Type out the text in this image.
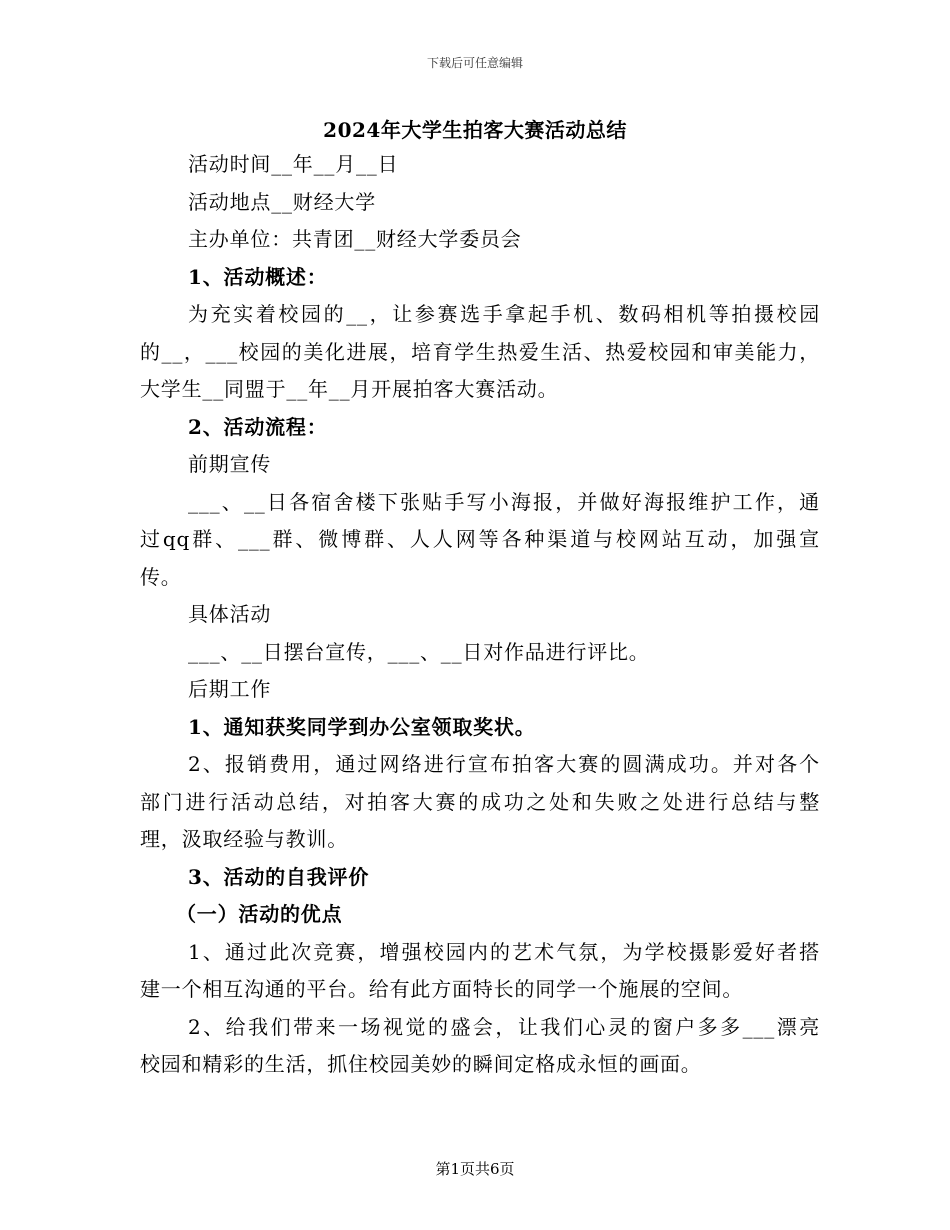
下载后可任意编辑
2024年大学生拍客大赛活动总结
活动时间__年__月__日
活动地点__财经大学
主办单位：共青团__财经大学委员会
1、活动概述：
为充实着校园的__，让参赛选手拿起手机、数码相机等拍摄校园
的__，___校园的美化进展，培育学生热爱生活、热爱校园和审美能力，
大学生__同盟于__年__月开展拍客大赛活动。
2、活动流程：
前期宣传
___、__日各宿舍楼下张贴手写小海报，并做好海报维护工作，通
过qq群、___群、微博群、人人网等各种渠道与校网站互动，加强宣
传。
具体活动
___、__日摆台宣传，___、__日对作品进行评比。
后期工作
1、通知获奖同学到办公室领取奖状。
2、报销费用，通过网络进行宣布拍客大赛的圆满成功。并对各个
部门进行活动总结，对拍客大赛的成功之处和失败之处进行总结与整
理，汲取经验与教训。
3、活动的自我评价
（一）活动的优点
1、通过此次竞赛，增强校园内的艺术气氛，为学校摄影爱好者搭
建一个相互沟通的平台。给有此方面特长的同学一个施展的空间。
2、给我们带来一场视觉的盛会，让我们心灵的窗户多多___漂亮
校园和精彩的生活，抓住校园美妙的瞬间定格成永恒的画面。
第1页共6页
